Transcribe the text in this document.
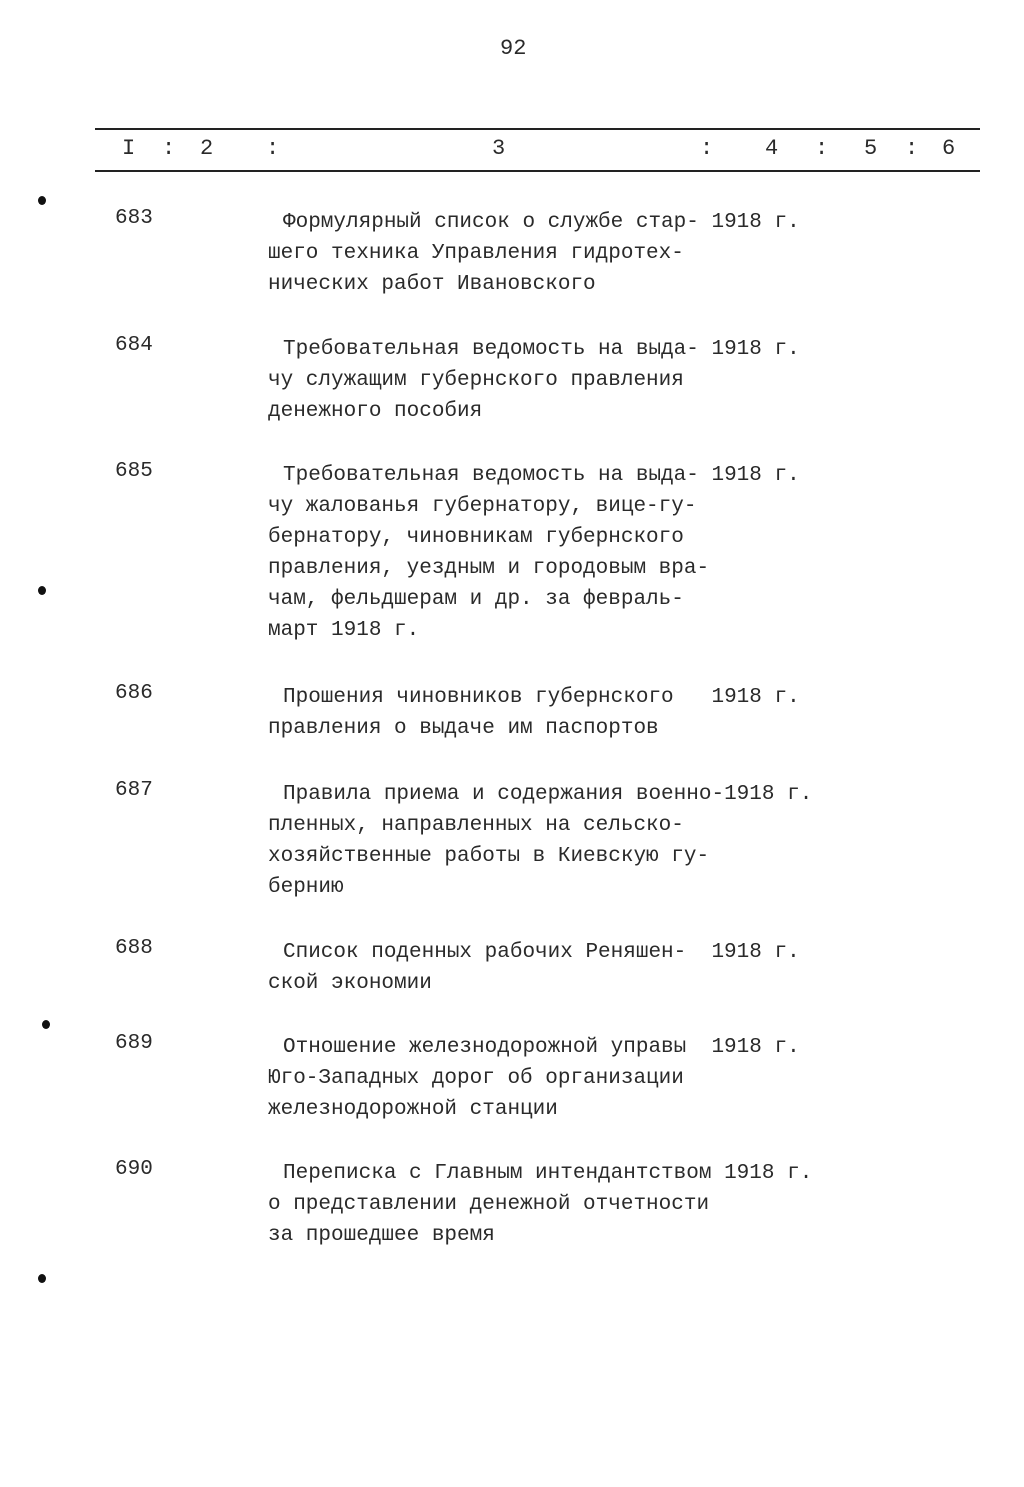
92
I : 2 :	3	: 4 : 5 : 6
683	Формулярный список о службе стар- 1918 г.
шего техника Управления гидротех-
нических работ Ивановского
684	Требовательная ведомость на выда- 1918 г.
чу служащим губернского правления
денежного пособия
685	Требовательная ведомость на выда- 1918 г.
чу жалованья губернатору, вице-гу-
бернатору, чиновникам губернского
правления, уездным и городовым вра-
чам, фельдшерам и др. за февраль-
март 1918 г.
686	Прошения чиновников губернского 1918 г.
правления о выдаче им паспортов
687	Правила приема и содержания военно-1918 г.
пленных, направленных на сельско-
хозяйственные работы в Киевскую гу-
бернию
688	Список поденных рабочих Реняшен- 1918 г.
ской экономии
689	Отношение железнодорожной управы 1918 г.
Юго-Западных дорог об организации
железнодорожной станции
690	Переписка с Главным интендантством 1918 г.
о представлении денежной отчетности
за прошедшее время
